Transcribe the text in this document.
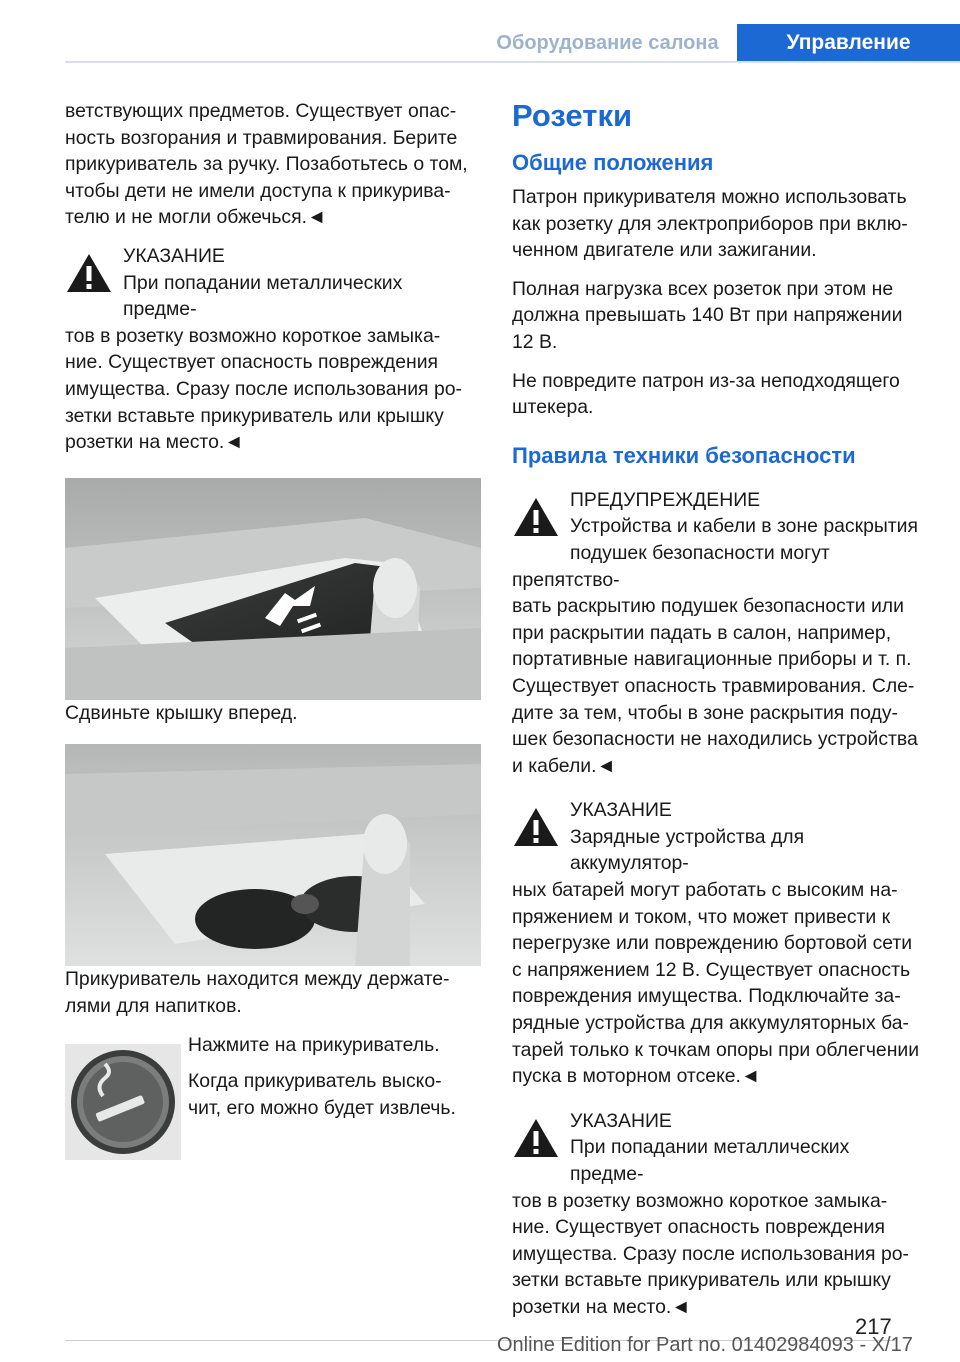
Оборудование салона	Управление

ветствующих предметов. Существует опас-
ность возгорания и травмирования. Берите
прикуриватель за ручку. Позаботьтесь о том,
чтобы дети не имели доступа к прикурива-
телю и не могли обжечься.◄

УКАЗАНИЕ
При попадании металлических предме-
тов в розетку возможно короткое замыка-
ние. Существует опасность повреждения
имущества. Сразу после использования ро-
зетки вставьте прикуриватель или крышку
розетки на место.◄

Сдвиньте крышку вперед.

Прикуриватель находится между держате-
лями для напитков.

Нажмите на прикуриватель.

Когда прикуриватель выско-
чит, его можно будет извлечь.

Розетки
Общие положения

Патрон прикуривателя можно использовать
как розетку для электроприборов при вклю-
ченном двигателе или зажигании.

Полная нагрузка всех розеток при этом не
должна превышать 140 Вт при напряжении
12 В.

Не повредите патрон из-за неподходящего
штекера.

Правила техники безопасности
ПРЕДУПРЕЖДЕНИЕ
Устройства и кабели в зоне раскрытия
подушек безопасности могут препятство-
вать раскрытию подушек безопасности или
при раскрытии падать в салон, например,
портативные навигационные приборы и т. п.
Существует опасность травмирования. Сле-
дите за тем, чтобы в зоне раскрытия поду-
шек безопасности не находились устройства
и кабели.◄
УКАЗАНИЕ
Зарядные устройства для аккумулятор-
ных батарей могут работать с высоким на-
пряжением и током, что может привести к
перегрузке или повреждению бортовой сети
с напряжением 12 В. Существует опасность
повреждения имущества. Подключайте за-
рядные устройства для аккумуляторных ба-
тарей только к точкам опоры при облегчении
пуска в моторном отсеке.◄
УКАЗАНИЕ
При попадании металлических предме-
тов в розетку возможно короткое замыка-
ние. Существует опасность повреждения
имущества. Сразу после использования ро-
зетки вставьте прикуриватель или крышку
розетки на место.◄
217
Online Edition for Part no. 01402984093 - X/17
